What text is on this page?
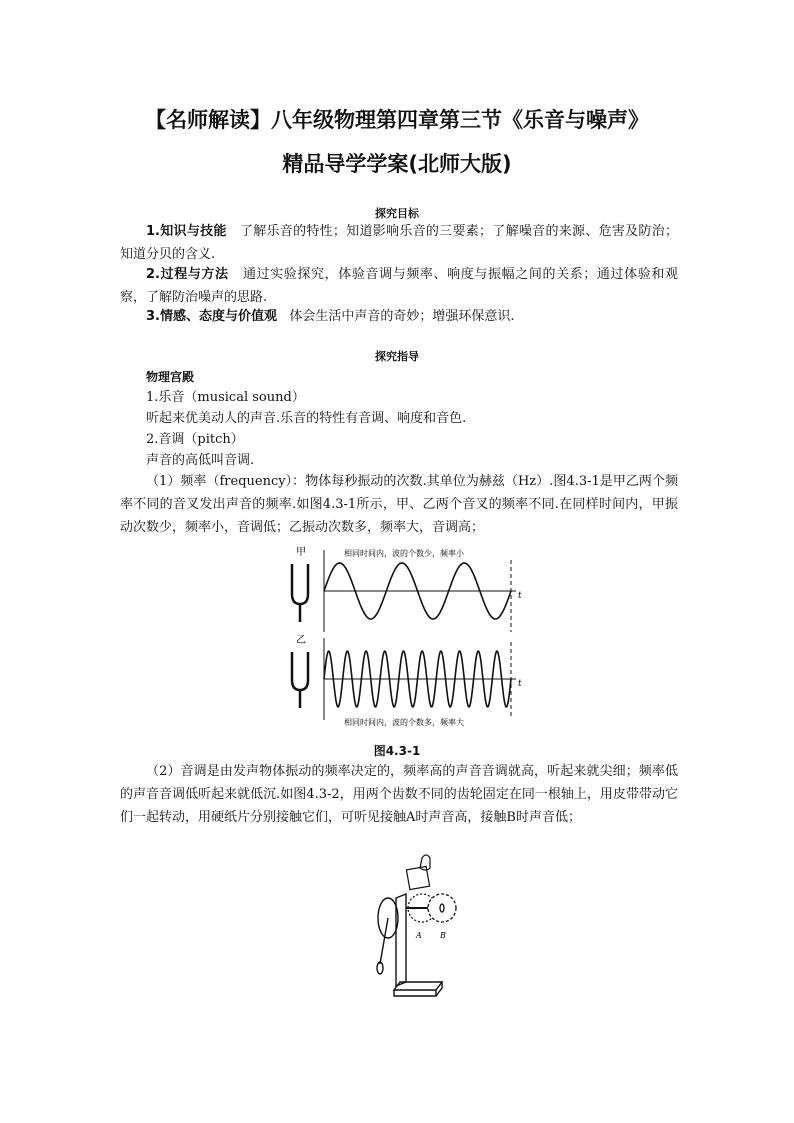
【名师解读】八年级物理第四章第三节《乐音与噪声》
精品导学学案(北师大版)
探究目标

1.知识与技能 了解乐音的特性；知道影响乐音的三要素；了解噪音的来源、危害及防治；知道分贝的含义.

2.过程与方法 通过实验探究，体验音调与频率、响度与振幅之间的关系；通过体验和观察，了解防治噪声的思路.

3.情感、态度与价值观 体会生活中声音的奇妙；增强环保意识.

探究指导
物理宫殿
1.乐音（musical sound）
听起来优美动人的声音.乐音的特性有音调、响度和音色.
2.音调（pitch）
声音的高低叫音调.

（1）频率（frequency）：物体每秒振动的次数.其单位为赫兹（Hz）.图4.3-1是甲乙两个频率不同的音叉发出声音的频率.如图4.3-1所示，甲、乙两个音叉的频率不同.在同样时间内，甲振动次数少，频率小，音调低；乙振动次数多，频率大，音调高；

甲
t
相同时间内，波的个数少，频率小
乙
t
相同时间内，波的个数多，频率大
图4.3-1

（2）音调是由发声物体振动的频率决定的，频率高的声音音调就高，听起来就尖细；频率低的声音音调低听起来就低沉.如图4.3-2，用两个齿数不同的齿轮固定在同一根轴上，用皮带带动它们一起转动，用硬纸片分别接触它们，可听见接触A时声音高，接触B时声音低；

A B
